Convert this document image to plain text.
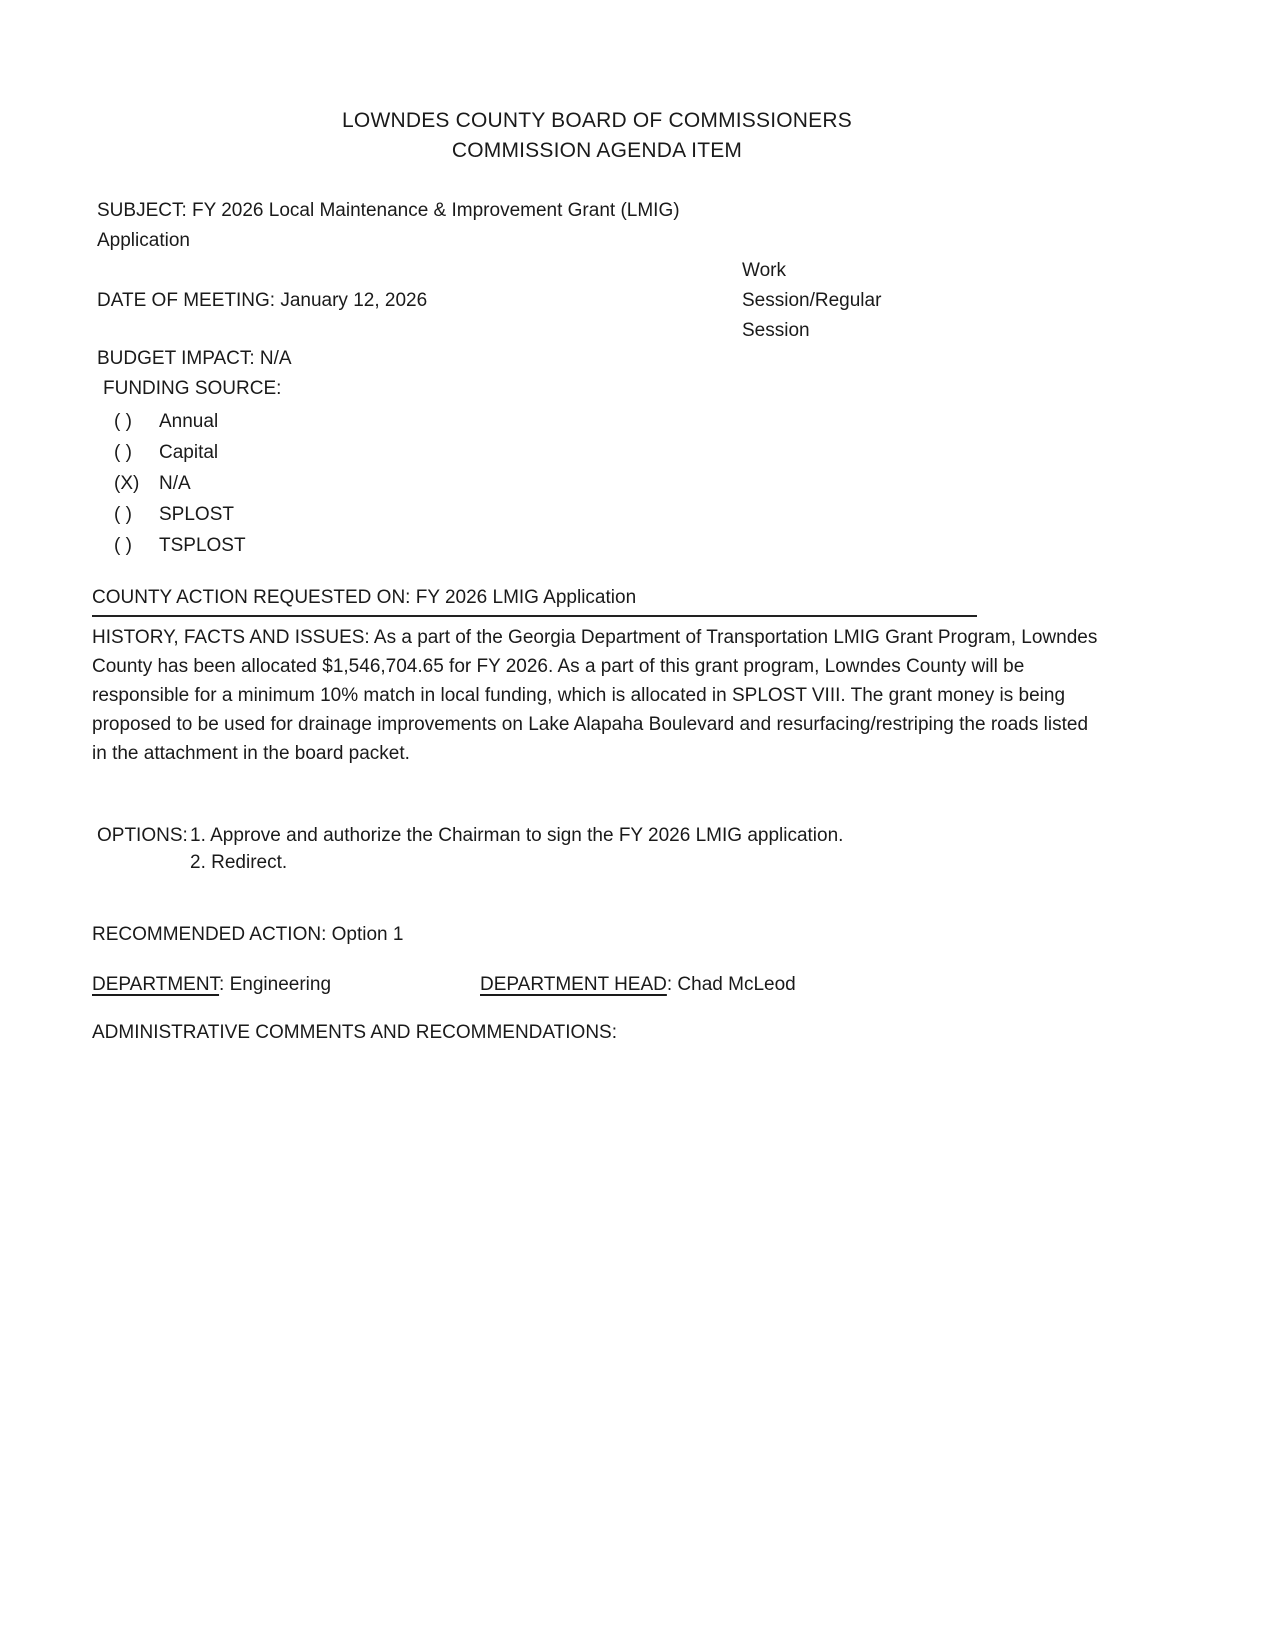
LOWNDES COUNTY BOARD OF COMMISSIONERS
COMMISSION AGENDA ITEM
SUBJECT: FY 2026 Local Maintenance & Improvement Grant (LMIG) Application
Work Session/Regular Session
DATE OF MEETING: January 12, 2026
BUDGET IMPACT: N/A
FUNDING SOURCE:
( )	Annual
( )	Capital
(X)	N/A
( )	SPLOST
( )	TSPLOST
COUNTY ACTION REQUESTED ON: FY 2026 LMIG Application

HISTORY, FACTS AND ISSUES: As a part of the Georgia Department of Transportation LMIG Grant Program, Lowndes County has been allocated $1,546,704.65 for FY 2026. As a part of this grant program, Lowndes County will be responsible for a minimum 10% match in local funding, which is allocated in SPLOST VIII. The grant money is being proposed to be used for drainage improvements on Lake Alapaha Boulevard and resurfacing/restriping the roads listed in the attachment in the board packet.

OPTIONS: 1. Approve and authorize the Chairman to sign the FY 2026 LMIG application.
2. Redirect.
RECOMMENDED ACTION: Option 1
DEPARTMENT: Engineering	DEPARTMENT HEAD: Chad McLeod
ADMINISTRATIVE COMMENTS AND RECOMMENDATIONS:
